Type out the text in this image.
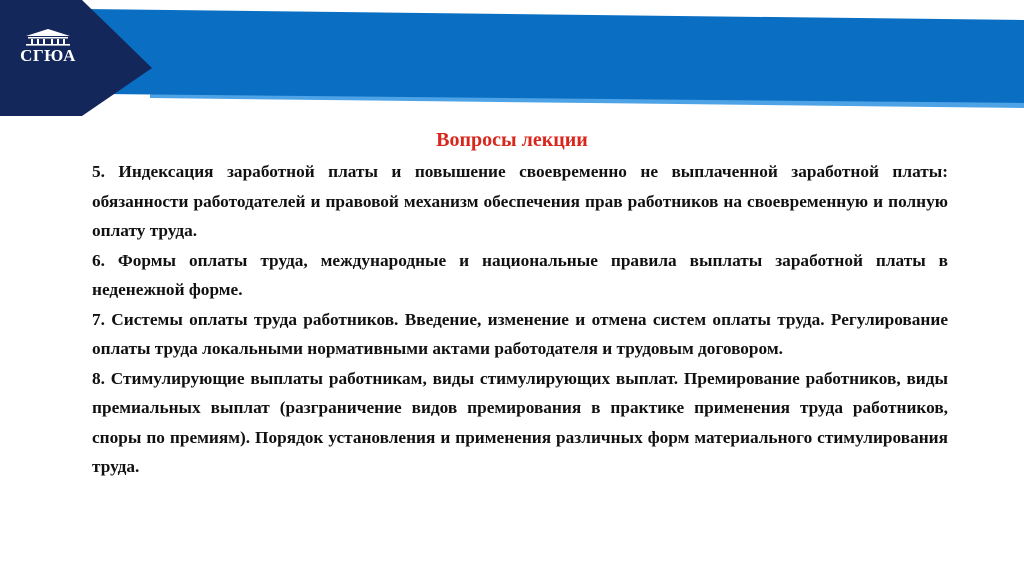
СГЮА
Вопросы лекции

5. Индексация заработной платы и повышение своевременно не выплаченной заработной платы: обязанности работодателей и правовой механизм обеспечения прав работников на своевременную и полную оплату труда.

6. Формы оплаты труда, международные и национальные правила выплаты заработной платы в неденежной форме.

7. Системы оплаты труда работников. Введение, изменение и отмена систем оплаты труда. Регулирование оплаты труда локальными нормативными актами работодателя и трудовым договором.

8. Стимулирующие выплаты работникам, виды стимулирующих выплат. Премирование работников, виды премиальных выплат (разграничение видов премирования в практике применения труда работников, споры по премиям). Порядок установления и применения различных форм материального стимулирования труда.
